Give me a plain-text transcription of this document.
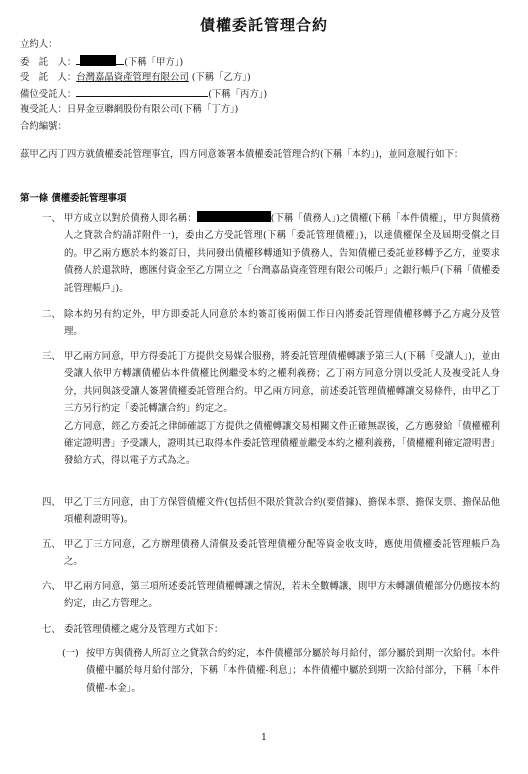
債權委託管理合約
立約人：
委　託　人：	(下稱「甲方」)
受　託　人：台灣嘉晶資產管理有限公司 (下稱「乙方」)
備位受託人：	(下稱「丙方」)
複受託人：日昇金豆聯網股份有限公司(下稱「丁方」)
合約編號：
茲甲乙丙丁四方就債權委託管理事宜，四方同意簽署本債權委託管理合約(下稱「本約」)，並同意履行如下：
第一條 債權委託管理事項
一、 甲方成立以對於債務人即名稱：	(下稱「債務人」)之債權(下稱「本件債權」，甲方與債務人之貸款合約請詳附件一)，委由乙方受託管理(下稱「委託管理債權」)，以達債權保全及屆期受償之目的。甲乙兩方應於本約簽訂日，共同發出債權移轉通知予債務人，告知債權已委託並移轉予乙方，並要求債務人於還款時，應匯付資金至乙方開立之「台灣嘉晶資產管理有限公司帳戶」之銀行帳戶(下稱「債權委託管理帳戶」)。
二、 除本約另有約定外，甲方即委託人同意於本約簽訂後兩個工作日內將委託管理債權移轉予乙方處分及管理。
三、 甲乙兩方同意，甲方得委託丁方提供交易媒合服務，將委託管理債權轉讓予第三人(下稱「受讓人」)，並由受讓人依甲方轉讓債權佔本件債權比例繼受本約之權利義務；乙丁兩方同意分別以受託人及複受託人身分，共同與該受讓人簽署債權委託管理合約。甲乙兩方同意，前述委託管理債權轉讓交易條件，由甲乙丁三方另行約定「委託轉讓合約」約定之。
乙方同意，經乙方委託之律師確認丁方提供之債權轉讓交易相關文件正確無誤後，乙方應發給「債權權利確定證明書」予受讓人，證明其已取得本件委託管理債權並繼受本約之權利義務，「債權權利確定證明書」發給方式，得以電子方式為之。
四、 甲乙丁三方同意，由丁方保管債權文件(包括但不限於貸款合約(要借據)、擔保本票、擔保支票、擔保品他項權利證明等)。
五、 甲乙丁三方同意，乙方辦理債務人清償及委託管理債權分配等資金收支時，應使用債權委託管理帳戶為之。
六、 甲乙兩方同意，第三項所述委託管理債權轉讓之情況，若未全數轉讓，則甲方未轉讓債權部分仍應按本約約定，由乙方管理之。
七、 委託管理債權之處分及管理方式如下：
(一) 按甲方與債務人所訂立之貸款合約約定，本件債權部分屬於每月給付，部分屬於到期一次給付。本件債權中屬於每月給付部分，下稱「本件債權-利息」；本件債權中屬於到期一次給付部分，下稱「本件債權-本金」。
1
